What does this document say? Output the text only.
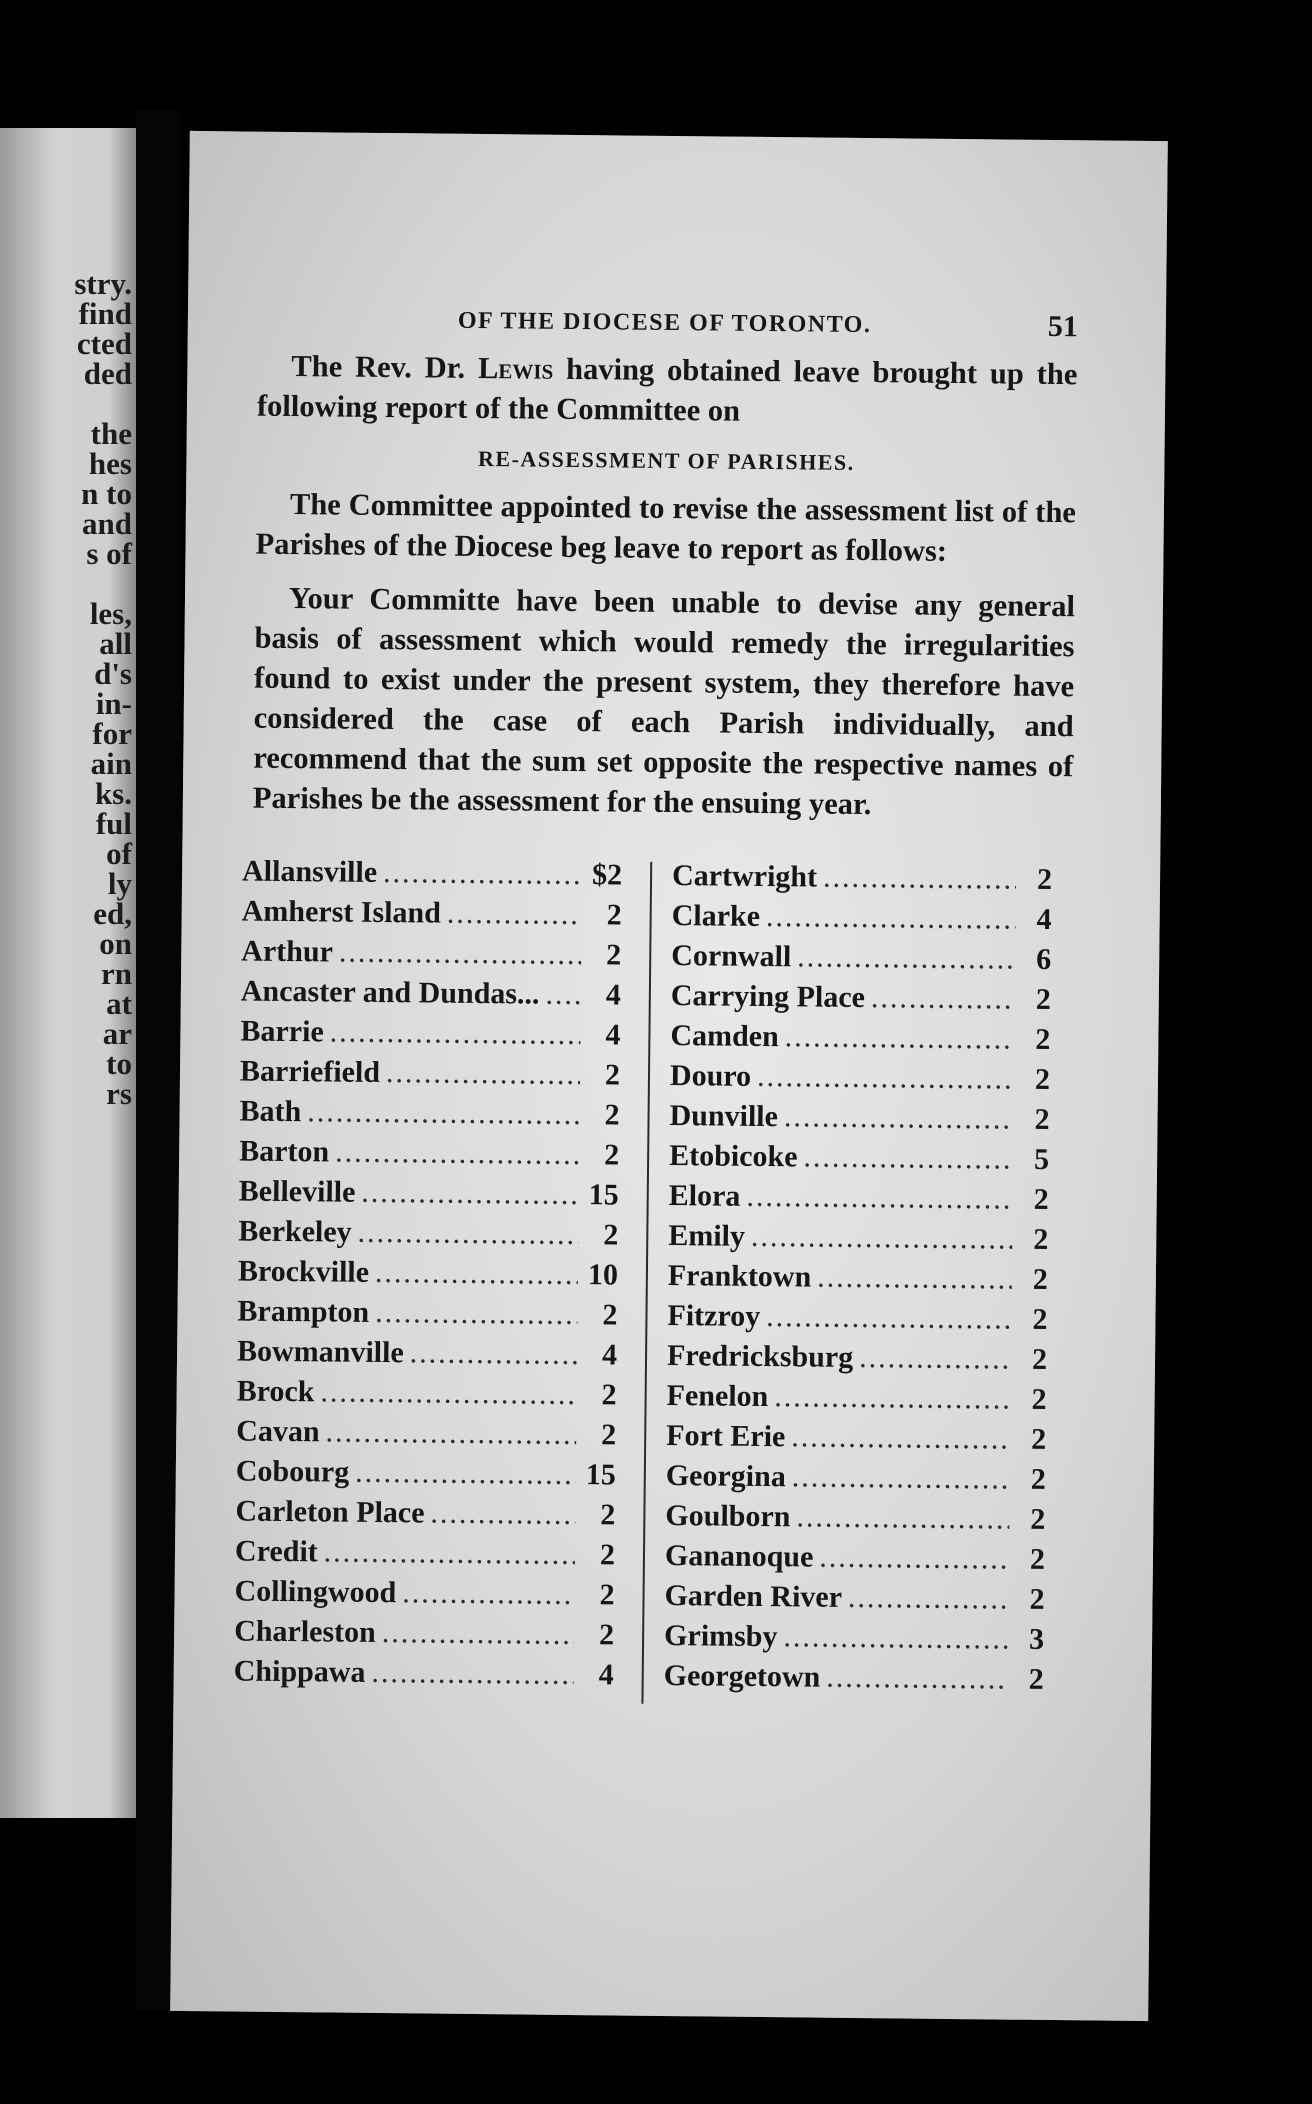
stry.
find
cted
ded
the
hes
n to
and
s of
les,
all
d's
in-
for
ain
ks.
ful
of
ly
ed,
on
rn
at
ar
to
rs
OF THE DIOCESE OF TORONTO.	51

The Rev. Dr. Lewis having obtained leave brought up the following report of the Committee on

RE-ASSESSMENT OF PARISHES.

The Committee appointed to revise the assessment list of the Parishes of the Diocese beg leave to report as follows:

Your Committe have been unable to devise any general basis of assessment which would remedy the irregularities found to exist under the present system, they therefore have considered the case of each Parish individually, and recommend that the sum set opposite the respective names of Parishes be the assessment for the ensuing year.

Allansville .....	$2
Amherst Island .....	2
Arthur .....	2
Ancaster and Dundas... .....	4
Barrie .....	4
Barriefield .....	2
Bath .....	2
Barton .....	2
Belleville .....	15
Berkeley .....	2
Brockville .....	10
Brampton .....	2
Bowmanville .....	4
Brock .....	2
Cavan .....	2
Cobourg .....	15
Carleton Place .....	2
Credit .....	2
Collingwood .....	2
Charleston .....	2
Chippawa .....	4
Cartwright .....	2
Clarke .....	4
Cornwall .....	6
Carrying Place .....	2
Camden .....	2
Douro .....	2
Dunville .....	2
Etobicoke .....	5
Elora .....	2
Emily .....	2
Franktown .....	2
Fitzroy .....	2
Fredricksburg .....	2
Fenelon .....	2
Fort Erie .....	2
Georgina .....	2
Goulborn .....	2
Gananoque .....	2
Garden River .....	2
Grimsby .....	3
Georgetown .....	2
